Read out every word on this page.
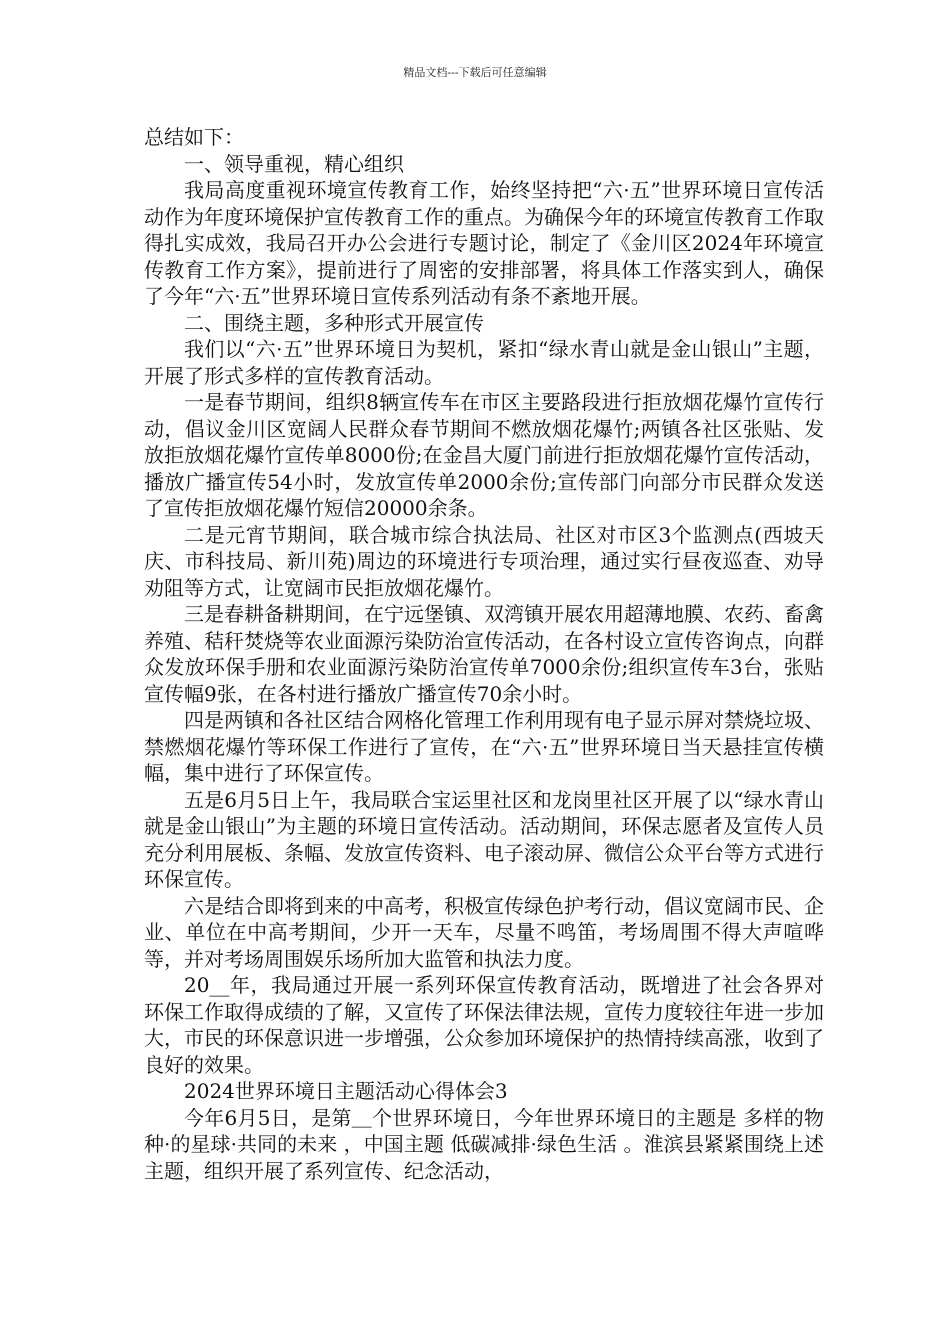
精品文档---下载后可任意编辑

总结如下：

一、领导重视，精心组织

我局高度重视环境宣传教育工作，始终坚持把“六·五”世界环境日宣传活动作为年度环境保护宣传教育工作的重点。为确保今年的环境宣传教育工作取得扎实成效，我局召开办公会进行专题讨论，制定了《金川区2024年环境宣传教育工作方案》，提前进行了周密的安排部署，将具体工作落实到人，确保了今年“六·五”世界环境日宣传系列活动有条不紊地开展。

二、围绕主题，多种形式开展宣传

我们以“六·五”世界环境日为契机，紧扣“绿水青山就是金山银山”主题，开展了形式多样的宣传教育活动。

一是春节期间，组织8辆宣传车在市区主要路段进行拒放烟花爆竹宣传行动，倡议金川区宽阔人民群众春节期间不燃放烟花爆竹;两镇各社区张贴、发放拒放烟花爆竹宣传单8000份;在金昌大厦门前进行拒放烟花爆竹宣传活动，播放广播宣传54小时，发放宣传单2000余份;宣传部门向部分市民群众发送了宣传拒放烟花爆竹短信20000余条。

二是元宵节期间，联合城市综合执法局、社区对市区3个监测点(西坡天庆、市科技局、新川苑)周边的环境进行专项治理，通过实行昼夜巡查、劝导劝阻等方式，让宽阔市民拒放烟花爆竹。

三是春耕备耕期间，在宁远堡镇、双湾镇开展农用超薄地膜、农药、畜禽养殖、秸秆焚烧等农业面源污染防治宣传活动，在各村设立宣传咨询点，向群众发放环保手册和农业面源污染防治宣传单7000余份;组织宣传车3台，张贴宣传幅9张，在各村进行播放广播宣传70余小时。

四是两镇和各社区结合网格化管理工作利用现有电子显示屏对禁烧垃圾、禁燃烟花爆竹等环保工作进行了宣传，在“六·五”世界环境日当天悬挂宣传横幅，集中进行了环保宣传。

五是6月5日上午，我局联合宝运里社区和龙岗里社区开展了以“绿水青山就是金山银山”为主题的环境日宣传活动。活动期间，环保志愿者及宣传人员充分利用展板、条幅、发放宣传资料、电子滚动屏、微信公众平台等方式进行环保宣传。

六是结合即将到来的中高考，积极宣传绿色护考行动，倡议宽阔市民、企业、单位在中高考期间，少开一天车，尽量不鸣笛，考场周围不得大声喧哗等，并对考场周围娱乐场所加大监管和执法力度。

20__年，我局通过开展一系列环保宣传教育活动，既增进了社会各界对环保工作取得成绩的了解，又宣传了环保法律法规，宣传力度较往年进一步加大，市民的环保意识进一步增强，公众参加环境保护的热情持续高涨，收到了良好的效果。

2024世界环境日主题活动心得体会3

今年6月5日，是第＿个世界环境日，今年世界环境日的主题是 多样的物种·的星球·共同的未来 ，中国主题 低碳减排·绿色生活 。淮滨县紧紧围绕上述主题，组织开展了系列宣传、纪念活动，
